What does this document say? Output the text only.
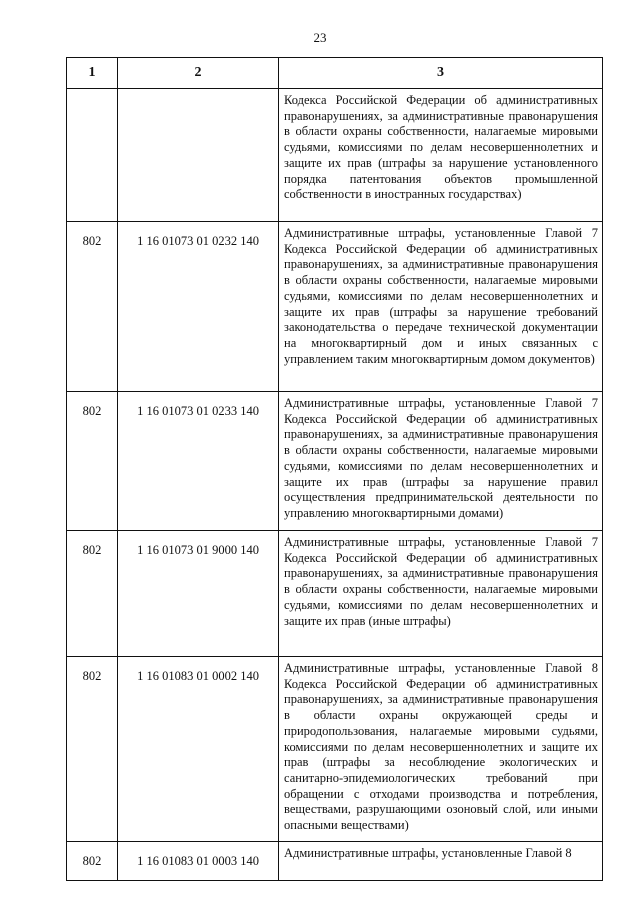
23
1	2	3
		Кодекса Российской Федерации об административных правонарушениях, за административные правонарушения в области охраны собственности, налагаемые мировыми судьями, комиссиями по делам несовершеннолетних и защите их прав (штрафы за нарушение установленного порядка патентования объектов промышленной собственности в иностранных государствах)
802	1 16 01073 01 0232 140	Административные штрафы, установленные Главой 7 Кодекса Российской Федерации об административных правонарушениях, за административные правонарушения в области охраны собственности, налагаемые мировыми судьями, комиссиями по делам несовершеннолетних и защите их прав (штрафы за нарушение требований законодательства о передаче технической документации на многоквартирный дом и иных связанных с управлением таким многоквартирным домом документов)
802	1 16 01073 01 0233 140	Административные штрафы, установленные Главой 7 Кодекса Российской Федерации об административных правонарушениях, за административные правонарушения в области охраны собственности, налагаемые мировыми судьями, комиссиями по делам несовершеннолетних и защите их прав (штрафы за нарушение правил осуществления предпринимательской деятельности по управлению многоквартирными домами)
802	1 16 01073 01 9000 140	Административные штрафы, установленные Главой 7 Кодекса Российской Федерации об административных правонарушениях, за административные правонарушения в области охраны собственности, налагаемые мировыми судьями, комиссиями по делам несовершеннолетних и защите их прав (иные штрафы)
802	1 16 01083 01 0002 140	Административные штрафы, установленные Главой 8 Кодекса Российской Федерации об административных правонарушениях, за административные правонарушения в области охраны окружающей среды и природопользования, налагаемые мировыми судьями, комиссиями по делам несовершеннолетних и защите их прав (штрафы за несоблюдение экологических и санитарно-эпидемиологических требований при обращении с отходами производства и потребления, веществами, разрушающими озоновый слой, или иными опасными веществами)
802	1 16 01083 01 0003 140	Административные штрафы, установленные Главой 8
